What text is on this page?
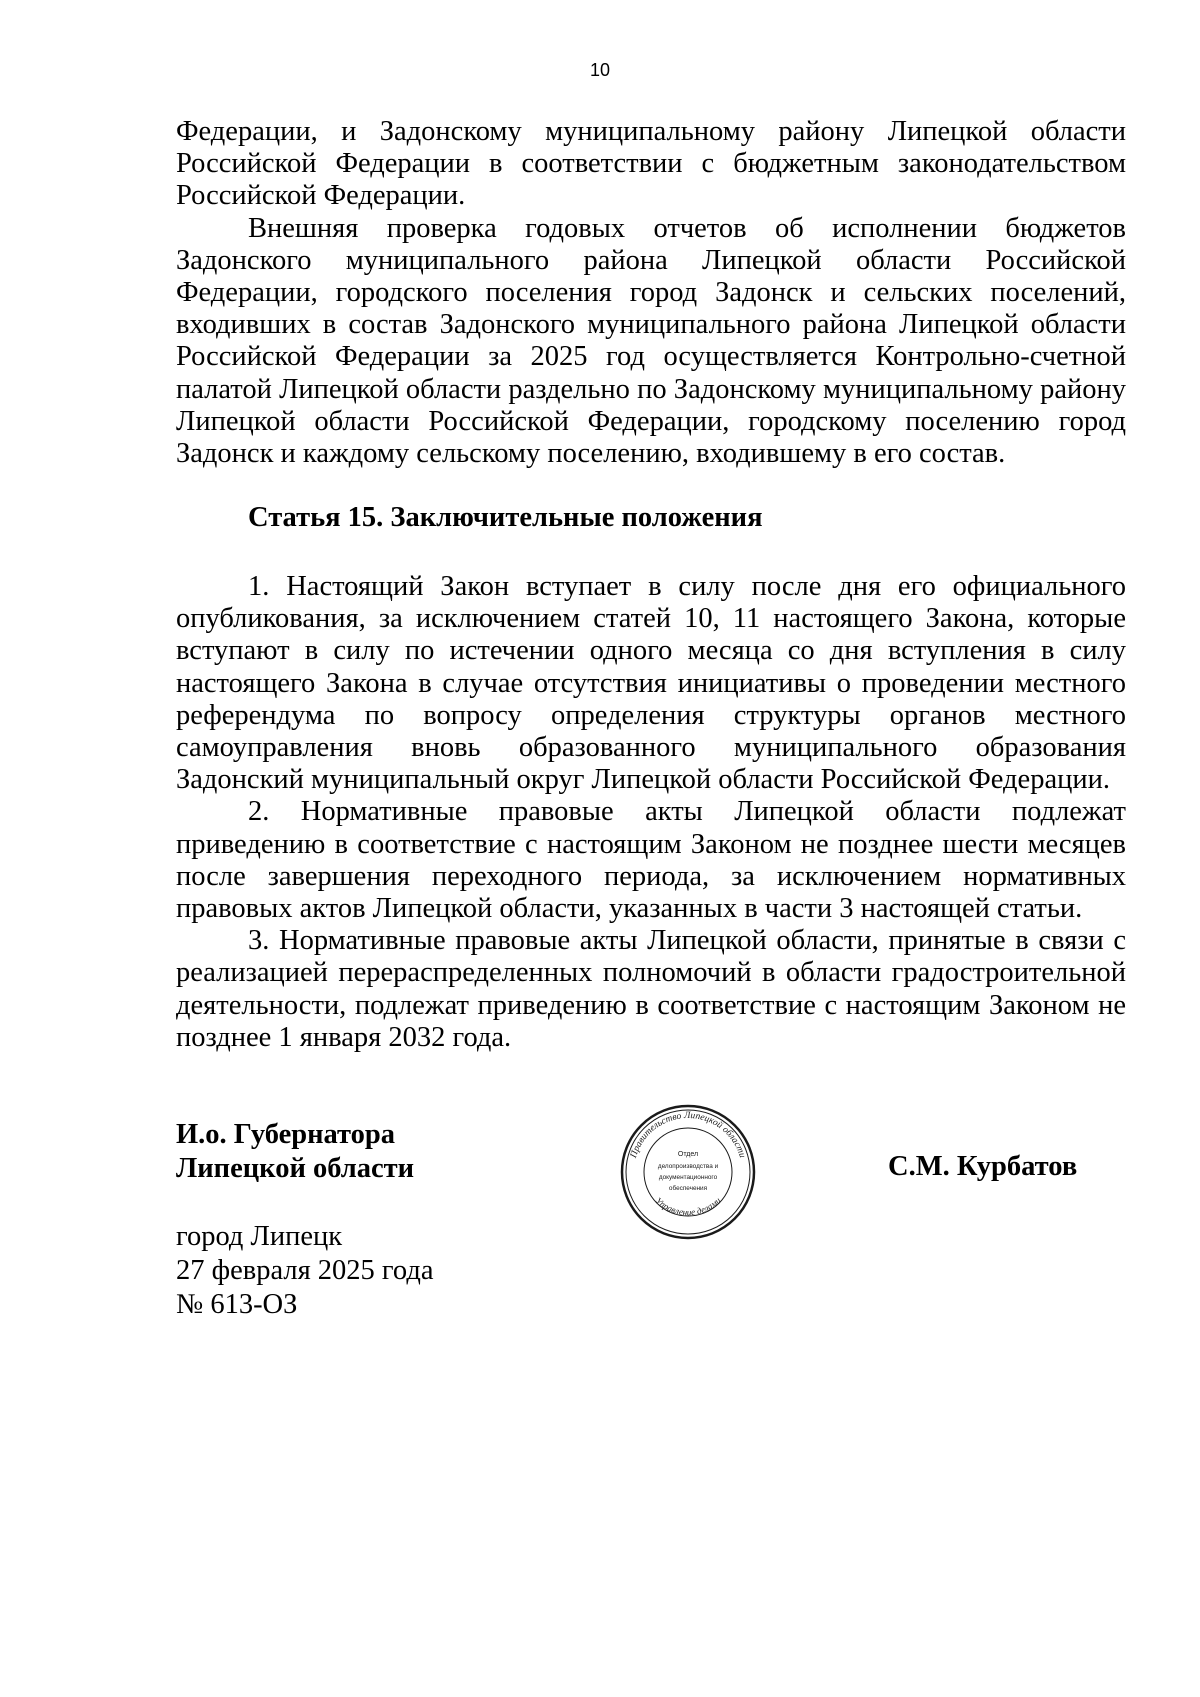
10

Федерации, и Задонскому муниципальному району Липецкой области Российской Федерации в соответствии с бюджетным законодательством Российской Федерации.

Внешняя проверка годовых отчетов об исполнении бюджетов Задонского муниципального района Липецкой области Российской Федерации, городского поселения город Задонск и сельских поселений, входивших в состав Задонского муниципального района Липецкой области Российской Федерации за 2025 год осуществляется Контрольно-счетной палатой Липецкой области раздельно по Задонскому муниципальному району Липецкой области Российской Федерации, городскому поселению город Задонск и каждому сельскому поселению, входившему в его состав.

Статья 15. Заключительные положения

1. Настоящий Закон вступает в силу после дня его официального опубликования, за исключением статей 10, 11 настоящего Закона, которые вступают в силу по истечении одного месяца со дня вступления в силу настоящего Закона в случае отсутствия инициативы о проведении местного референдума по вопросу определения структуры органов местного самоуправления вновь образованного муниципального образования Задонский муниципальный округ Липецкой области Российской Федерации.

2. Нормативные правовые акты Липецкой области подлежат приведению в соответствие с настоящим Законом не позднее шести месяцев после завершения переходного периода, за исключением нормативных правовых актов Липецкой области, указанных в части 3 настоящей статьи.

3. Нормативные правовые акты Липецкой области, принятые в связи с реализацией перераспределенных полномочий в области градостроительной деятельности, подлежат приведению в соответствие с настоящим Законом не позднее 1 января 2032 года.

И.о. Губернатора
Липецкой области	Правительство Липецкой области
Управление делами
Отдел
делопроизводства и
документационного
обеспечения
С.М. Курбатов
город Липецк
27 февраля 2025 года
№ 613-ОЗ
